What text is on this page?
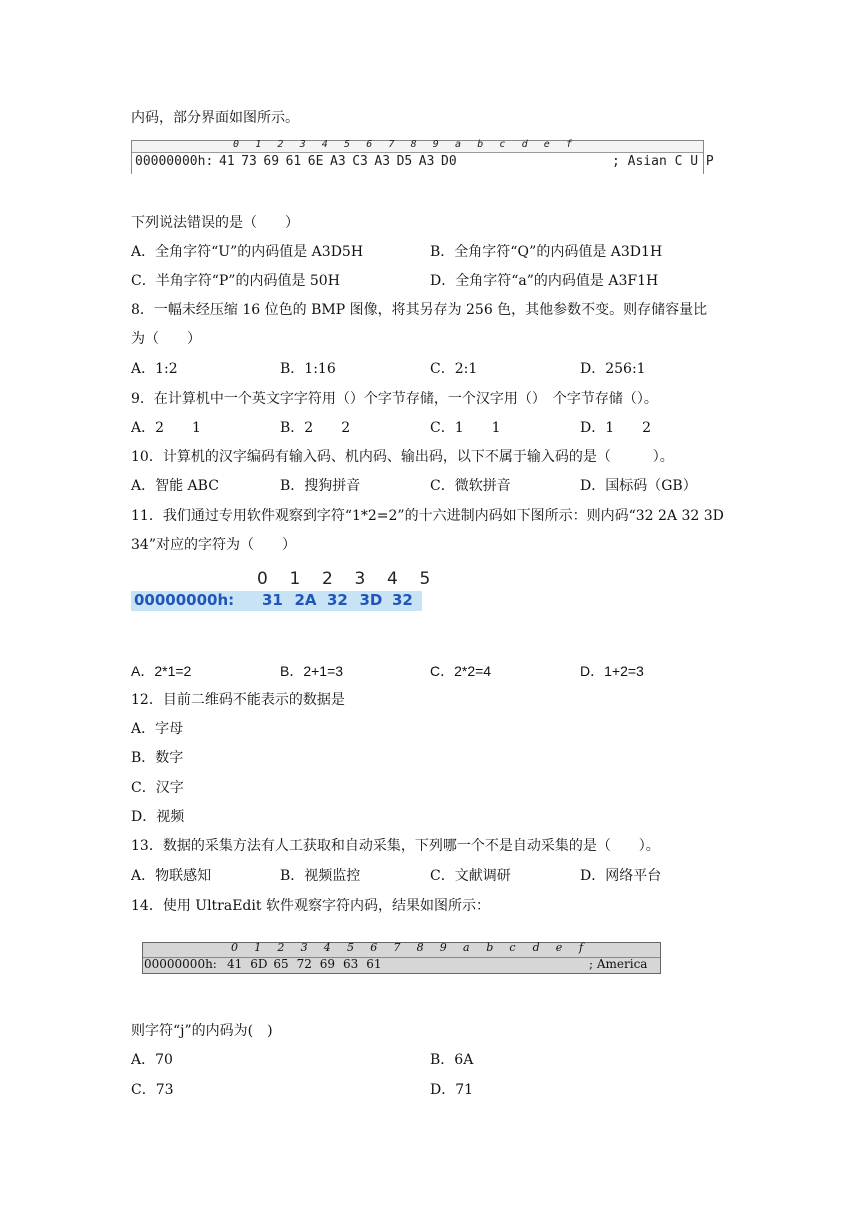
内码，部分界面如图所示。
0 1 2 3 4 5 6 7 8 9 a b c d e f
00000000h: 41 73 69 61 6E A3 C3 A3 D5 A3 D0	; Asian C U P
下列说法错误的是（　　）
A．全角字符“U”的内码值是 A3D5H	B．全角字符“Q”的内码值是 A3D1H
C．半角字符“P”的内码值是 50H	D．全角字符“a”的内码值是 A3F1H
8．一幅未经压缩 16 位色的 BMP 图像，将其另存为 256 色，其他参数不变。则存储容量比
为（　　）
A．1:2	B．1:16	C．2:1	D．256:1
9．在计算机中一个英文字字符用（）个字节存储，一个汉字用（）　个字节存储（）。
A．2　　1	B．2　　2	C．1　　1	D．1　　2
10．计算机的汉字编码有输入码、机内码、输出码，以下不属于输入码的是（　　　）。
A．智能 ABC	B．搜狗拼音	C．微软拼音	D．国标码（GB）
11．我们通过专用软件观察到字符“1*2=2”的十六进制内码如下图所示：则内码“32 2A 32 3D
34”对应的字符为（　　）
0 1 2 3 4 5
00000000h: 31 2A 32 3D 32
A．2*1=2	B．2+1=3	C．2*2=4	D．1+2=3
12．目前二维码不能表示的数据是
A．字母
B．数字
C．汉字
D．视频
13．数据的采集方法有人工获取和自动采集，下列哪一个不是自动采集的是（　　）。
A．物联感知	B．视频监控	C．文献调研	D．网络平台
14．使用 UltraEdit 软件观察字符内码，结果如图所示：
0 1 2 3 4 5 6 7 8 9 a b c d e f
00000000h: 41 6D 65 72 69 63 61	; America
则字符“j”的内码为(　)
A．70	B．6A
C．73	D．71
